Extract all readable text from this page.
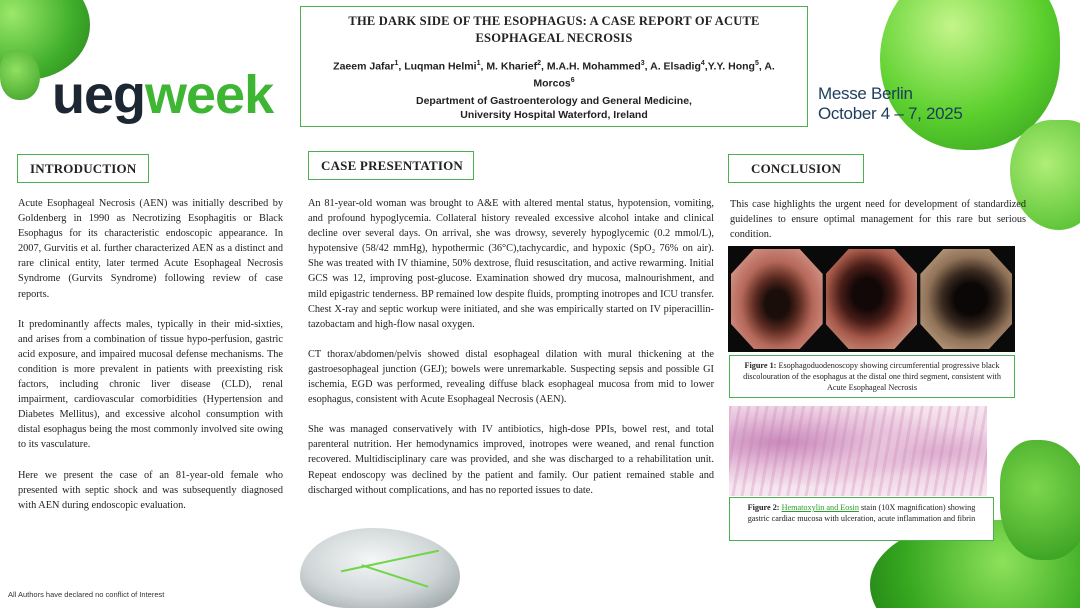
uegweek	Messe Berlin
October 4 – 7, 2025
THE DARK SIDE OF THE ESOPHAGUS: A CASE REPORT OF ACUTE ESOPHAGEAL NECROSIS
Zaeem Jafar$^1$, Luqman Helmi$^1$, M. Kharief$^2$, M.A.H. Mohammed$^3$, A. Elsadig$^4$,Y.Y. Hong$^5$, A. Morcos$^6$
Department of Gastroenterology and General Medicine,
University Hospital Waterford, Ireland
INTRODUCTION	CASE PRESENTATION	CONCLUSION

Acute Esophageal Necrosis (AEN) was initially described by Goldenberg in 1990 as Necrotizing Esophagitis or Black Esophagus for its characteristic endoscopic appearance. In 2007, Gurvitis et al. further characterized AEN as a distinct and rare clinical entity, later termed Acute Esophageal Necrosis Syndrome (Gurvits Syndrome) following review of case reports.

It predominantly affects males, typically in their mid-sixties, and arises from a combination of tissue hypo-perfusion, gastric acid exposure, and impaired mucosal defense mechanisms. The condition is more prevalent in patients with preexisting risk factors, including chronic liver disease (CLD), renal impairment, cardiovascular comorbidities (Hypertension and Diabetes Mellitus), and excessive alcohol consumption with distal esophagus being the most commonly involved site owing to its vasculature.

Here we present the case of an 81-year-old female who presented with septic shock and was subsequently diagnosed with AEN during endoscopic evaluation.

An 81-year-old woman was brought to A&E with altered mental status, hypotension, vomiting, and profound hypoglycemia. Collateral history revealed excessive alcohol intake and clinical decline over several days. On arrival, she was drowsy, severely hypoglycemic (0.2 mmol/L), hypotensive (58/42 mmHg), hypothermic (36°C),tachycardic, and hypoxic (SpO₂ 76% on air). She was treated with IV thiamine, 50% dextrose, fluid resuscitation, and active rewarming. Initial GCS was 12, improving post-glucose. Examination showed dry mucosa, malnourishment, and mild epigastric tenderness. BP remained low despite fluids, prompting inotropes and ICU transfer. Chest X-ray and septic workup were initiated, and she was empirically started on IV piperacillin-tazobactam and high-flow nasal oxygen.

CT thorax/abdomen/pelvis showed distal esophageal dilation with mural thickening at the gastroesophageal junction (GEJ); bowels were unremarkable. Suspecting sepsis and possible GI ischemia, EGD was performed, revealing diffuse black esophageal mucosa from mid to lower esophagus, consistent with Acute Esophageal Necrosis (AEN).

She was managed conservatively with IV antibiotics, high-dose PPIs, bowel rest, and total parenteral nutrition. Her hemodynamics improved, inotropes were weaned, and renal function recovered. Multidisciplinary care was provided, and she was discharged to a rehabilitation unit. Repeat endoscopy was declined by the patient and family. Our patient remained stable and discharged without complications, and has no reported issues to date.

This case highlights the urgent need for development of standardized guidelines to ensure optimal management for this rare but serious condition.
Figure 1: Esophagoduodenoscopy showing circumferential progressive black discolouration of the esophagus at the distal one third segment, consistent with Acute Esophageal Necrosis
Figure 2: Hematoxylin and Eosin stain (10X magnification) showing gastric cardiac mucosa with ulceration, acute inflammation and fibrin
All Authors have declared no conflict of Interest
